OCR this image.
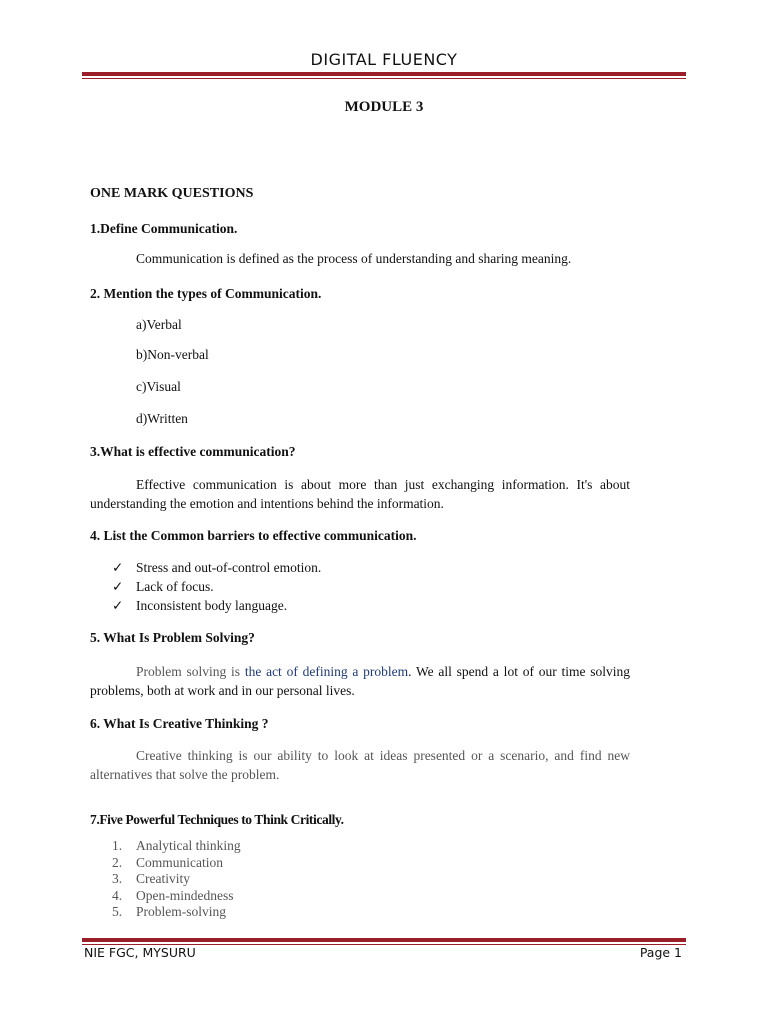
DIGITAL FLUENCY
MODULE 3
ONE MARK QUESTIONS
1.Define Communication.
Communication is defined as the process of understanding and sharing meaning.
2. Mention the types of Communication.
a)Verbal
b)Non-verbal
c)Visual
d)Written
3.What is effective communication?
Effective communication is about more than just exchanging information. It's about understanding the emotion and intentions behind the information.
4. List the Common barriers to effective communication.
✓ Stress and out-of-control emotion.
✓ Lack of focus.
✓ Inconsistent body language.
5. What Is Problem Solving?
Problem solving is the act of defining a problem. We all spend a lot of our time solving problems, both at work and in our personal lives.
6. What Is Creative Thinking ?
Creative thinking is our ability to look at ideas presented or a scenario, and find new alternatives that solve the problem.
7.Five Powerful Techniques to Think Critically.
1.	Analytical thinking
2.	Communication
3.	Creativity
4.	Open-mindedness
5.	Problem-solving
NIE FGC, MYSURU	Page 1
